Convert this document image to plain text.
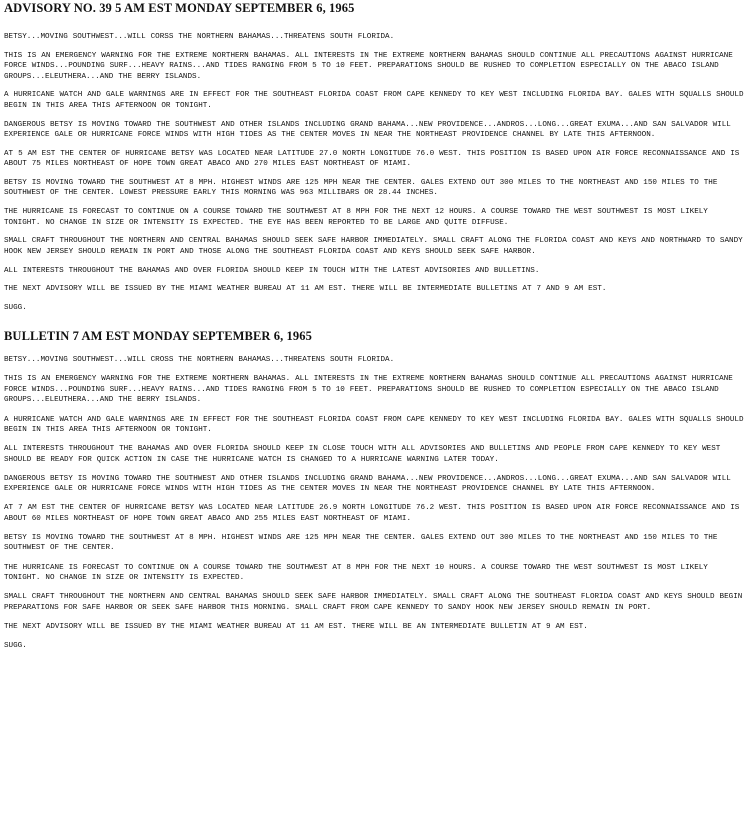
ADVISORY NO. 39 5 AM EST MONDAY SEPTEMBER 6, 1965

BETSY...MOVING SOUTHWEST...WILL CORSS THE NORTHERN BAHAMAS...THREATENS SOUTH FLORIDA.

THIS IS AN EMERGENCY WARNING FOR THE EXTREME NORTHERN BAHAMAS. ALL INTERESTS IN THE EXTREME NORTHERN BAHAMAS SHOULD CONTINUE ALL PRECAUTIONS AGAINST HURRICANE FORCE WINDS...POUNDING SURF...HEAVY RAINS...AND TIDES RANGING FROM 5 TO 10 FEET. PREPARATIONS SHOULD BE RUSHED TO COMPLETION ESPECIALLY ON THE ABACO ISLAND GROUPS...ELEUTHERA...AND THE BERRY ISLANDS.

A HURRICANE WATCH AND GALE WARNINGS ARE IN EFFECT FOR THE SOUTHEAST FLORIDA COAST FROM CAPE KENNEDY TO KEY WEST INCLUDING FLORIDA BAY. GALES WITH SQUALLS SHOULD BEGIN IN THIS AREA THIS AFTERNOON OR TONIGHT.

DANGEROUS BETSY IS MOVING TOWARD THE SOUTHWEST AND OTHER ISLANDS INCLUDING GRAND BAHAMA...NEW PROVIDENCE...ANDROS...LONG...GREAT EXUMA...AND SAN SALVADOR WILL EXPERIENCE GALE OR HURRICANE FORCE WINDS WITH HIGH TIDES AS THE CENTER MOVES IN NEAR THE NORTHEAST PROVIDENCE CHANNEL BY LATE THIS AFTERNOON.

AT 5 AM EST THE CENTER OF HURRICANE BETSY WAS LOCATED NEAR LATITUDE 27.0 NORTH LONGITUDE 76.0 WEST. THIS POSITION IS BASED UPON AIR FORCE RECONNAISSANCE AND IS ABOUT 75 MILES NORTHEAST OF HOPE TOWN GREAT ABACO AND 270 MILES EAST NORTHEAST OF MIAMI.

BETSY IS MOVING TOWARD THE SOUTHWEST AT 8 MPH. HIGHEST WINDS ARE 125 MPH NEAR THE CENTER. GALES EXTEND OUT 300 MILES TO THE NORTHEAST AND 150 MILES TO THE SOUTHWEST OF THE CENTER. LOWEST PRESSURE EARLY THIS MORNING WAS 963 MILLIBARS OR 28.44 INCHES.

THE HURRICANE IS FORECAST TO CONTINUE ON A COURSE TOWARD THE SOUTHWEST AT 8 MPH FOR THE NEXT 12 HOURS. A COURSE TOWARD THE WEST SOUTHWEST IS MOST LIKELY TONIGHT. NO CHANGE IN SIZE OR INTENSITY IS EXPECTED. THE EYE HAS BEEN REPORTED TO BE LARGE AND QUITE DIFFUSE.

SMALL CRAFT THROUGHOUT THE NORTHERN AND CENTRAL BAHAMAS SHOULD SEEK SAFE HARBOR IMMEDIATELY. SMALL CRAFT ALONG THE FLORIDA COAST AND KEYS AND NORTHWARD TO SANDY HOOK NEW JERSEY SHOULD REMAIN IN PORT AND THOSE ALONG THE SOUTHEAST FLORIDA COAST AND KEYS SHOULD SEEK SAFE HARBOR.

ALL INTERESTS THROUGHOUT THE BAHAMAS AND OVER FLORIDA SHOULD KEEP IN TOUCH WITH THE LATEST ADVISORIES AND BULLETINS.

THE NEXT ADVISORY WILL BE ISSUED BY THE MIAMI WEATHER BUREAU AT 11 AM EST. THERE WILL BE INTERMEDIATE BULLETINS AT 7 AND 9 AM EST.

SUGG.

BULLETIN 7 AM EST MONDAY SEPTEMBER 6, 1965

BETSY...MOVING SOUTHWEST...WILL CROSS THE NORTHERN BAHAMAS...THREATENS SOUTH FLORIDA.

THIS IS AN EMERGENCY WARNING FOR THE EXTREME NORTHERN BAHAMAS. ALL INTERESTS IN THE EXTREME NORTHERN BAHAMAS SHOULD CONTINUE ALL PRECAUTIONS AGAINST HURRICANE FORCE WINDS...POUNDING SURF...HEAVY RAINS...AND TIDES RANGING FROM 5 TO 10 FEET. PREPARATIONS SHOULD BE RUSHED TO COMPLETION ESPECIALLY ON THE ABACO ISLAND GROUPS...ELEUTHERA...AND THE BERRY ISLANDS.

A HURRICANE WATCH AND GALE WARNINGS ARE IN EFFECT FOR THE SOUTHEAST FLORIDA COAST FROM CAPE KENNEDY TO KEY WEST INCLUDING FLORIDA BAY. GALES WITH SQUALLS SHOULD BEGIN IN THIS AREA THIS AFTERNOON OR TONIGHT.

ALL INTERESTS THROUGHOUT THE BAHAMAS AND OVER FLORIDA SHOULD KEEP IN CLOSE TOUCH WITH ALL ADVISORIES AND BULLETINS AND PEOPLE FROM CAPE KENNEDY TO KEY WEST SHOULD BE READY FOR QUICK ACTION IN CASE THE HURRICANE WATCH IS CHANGED TO A HURRICANE WARNING LATER TODAY.

DANGEROUS BETSY IS MOVING TOWARD THE SOUTHWEST AND OTHER ISLANDS INCLUDING GRAND BAHAMA...NEW PROVIDENCE...ANDROS...LONG...GREAT EXUMA...AND SAN SALVADOR WILL EXPERIENCE GALE OR HURRICANE FORCE WINDS WITH HIGH TIDES AS THE CENTER MOVES IN NEAR THE NORTHEAST PROVIDENCE CHANNEL BY LATE THIS AFTERNOON.

AT 7 AM EST THE CENTER OF HURRICANE BETSY WAS LOCATED NEAR LATITUDE 26.9 NORTH LONGITUDE 76.2 WEST. THIS POSITION IS BASED UPON AIR FORCE RECONNAISSANCE AND IS ABOUT 60 MILES NORTHEAST OF HOPE TOWN GREAT ABACO AND 255 MILES EAST NORTHEAST OF MIAMI.

BETSY IS MOVING TOWARD THE SOUTHWEST AT 8 MPH. HIGHEST WINDS ARE 125 MPH NEAR THE CENTER. GALES EXTEND OUT 300 MILES TO THE NORTHEAST AND 150 MILES TO THE SOUTHWEST OF THE CENTER.

THE HURRICANE IS FORECAST TO CONTINUE ON A COURSE TOWARD THE SOUTHWEST AT 8 MPH FOR THE NEXT 10 HOURS. A COURSE TOWARD THE WEST SOUTHWEST IS MOST LIKELY TONIGHT. NO CHANGE IN SIZE OR INTENSITY IS EXPECTED.

SMALL CRAFT THROUGHOUT THE NORTHERN AND CENTRAL BAHAMAS SHOULD SEEK SAFE HARBOR IMMEDIATELY. SMALL CRAFT ALONG THE SOUTHEAST FLORIDA COAST AND KEYS SHOULD BEGIN PREPARATIONS FOR SAFE HARBOR OR SEEK SAFE HARBOR THIS MORNING. SMALL CRAFT FROM CAPE KENNEDY TO SANDY HOOK NEW JERSEY SHOULD REMAIN IN PORT.

THE NEXT ADVISORY WILL BE ISSUED BY THE MIAMI WEATHER BUREAU AT 11 AM EST. THERE WILL BE AN INTERMEDIATE BULLETIN AT 9 AM EST.

SUGG.
